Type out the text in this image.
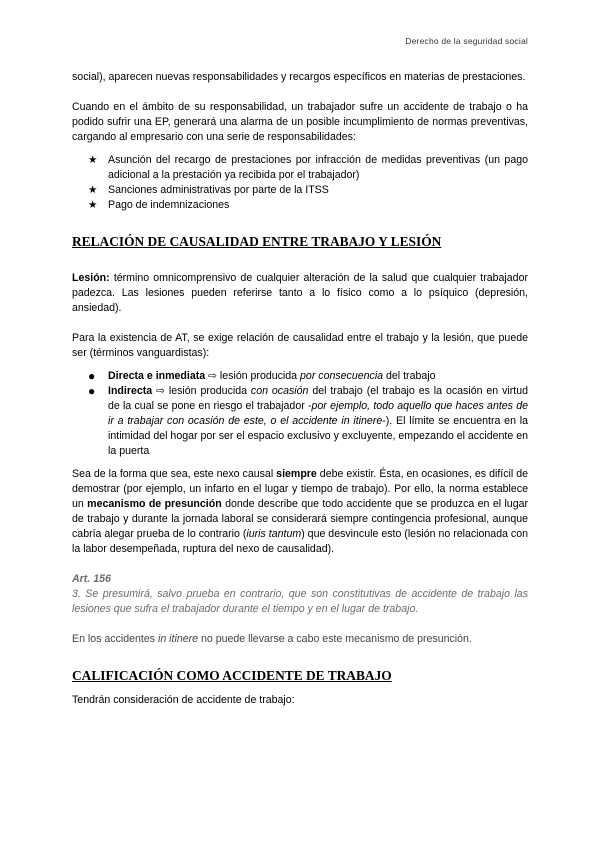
Derecho de la seguridad social

social), aparecen nuevas responsabilidades y recargos específicos en materias de prestaciones.

Cuando en el ámbito de su responsabilidad, un trabajador sufre un accidente de trabajo o ha podido sufrir una EP, generará una alarma de un posible incumplimiento de normas preventivas, cargando al empresario con una serie de responsabilidades:

★ Asunción del recargo de prestaciones por infracción de medidas preventivas (un pago adicional a la prestación ya recibida por el trabajador)
★ Sanciones administrativas por parte de la ITSS
★ Pago de indemnizaciones
RELACIÓN DE CAUSALIDAD ENTRE TRABAJO Y LESIÓN

Lesión: término omnicomprensivo de cualquier alteración de la salud que cualquier trabajador padezca. Las lesiones pueden referirse tanto a lo físico como a lo psíquico (depresión, ansiedad).

Para la existencia de AT, se exige relación de causalidad entre el trabajo y la lesión, que puede ser (términos vanguardistas):

● Directa e inmediata ⇨ lesión producida por consecuencia del trabajo
● Indirecta ⇨ lesión producida con ocasión del trabajo (el trabajo es la ocasión en virtud de la cual se pone en riesgo el trabajador -por ejemplo, todo aquello que haces antes de ir a trabajar con ocasión de este, o el accidente in itinere-). El límite se encuentra en la intimidad del hogar por ser el espacio exclusivo y excluyente, empezando el accidente en la puerta

Sea de la forma que sea, este nexo causal siempre debe existir. Ésta, en ocasiones, es difícil de demostrar (por ejemplo, un infarto en el lugar y tiempo de trabajo). Por ello, la norma establece un mecanismo de presunción donde describe que todo accidente que se produzca en el lugar de trabajo y durante la jornada laboral se considerará siempre contingencia profesional, aunque cabría alegar prueba de lo contrario (iuris tantum) que desvincule esto (lesión no relacionada con la labor desempeñada, ruptura del nexo de causalidad).

Art. 156

3. Se presumirá, salvo prueba en contrario, que son constitutivas de accidente de trabajo las lesiones que sufra el trabajador durante el tiempo y en el lugar de trabajo.

En los accidentes in itinere no puede llevarse a cabo este mecanismo de presunción.

CALIFICACIÓN COMO ACCIDENTE DE TRABAJO

Tendrán consideración de accidente de trabajo:
